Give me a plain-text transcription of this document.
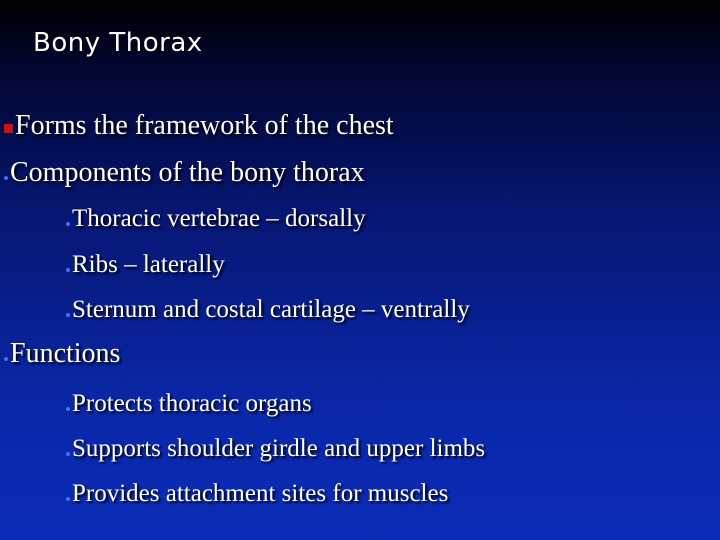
Bony Thorax
Forms the framework of the chest
Components of the bony thorax
Thoracic vertebrae – dorsally
Ribs – laterally
Sternum and costal cartilage – ventrally
Functions
Protects thoracic organs
Supports shoulder girdle and upper limbs
Provides attachment sites for muscles
